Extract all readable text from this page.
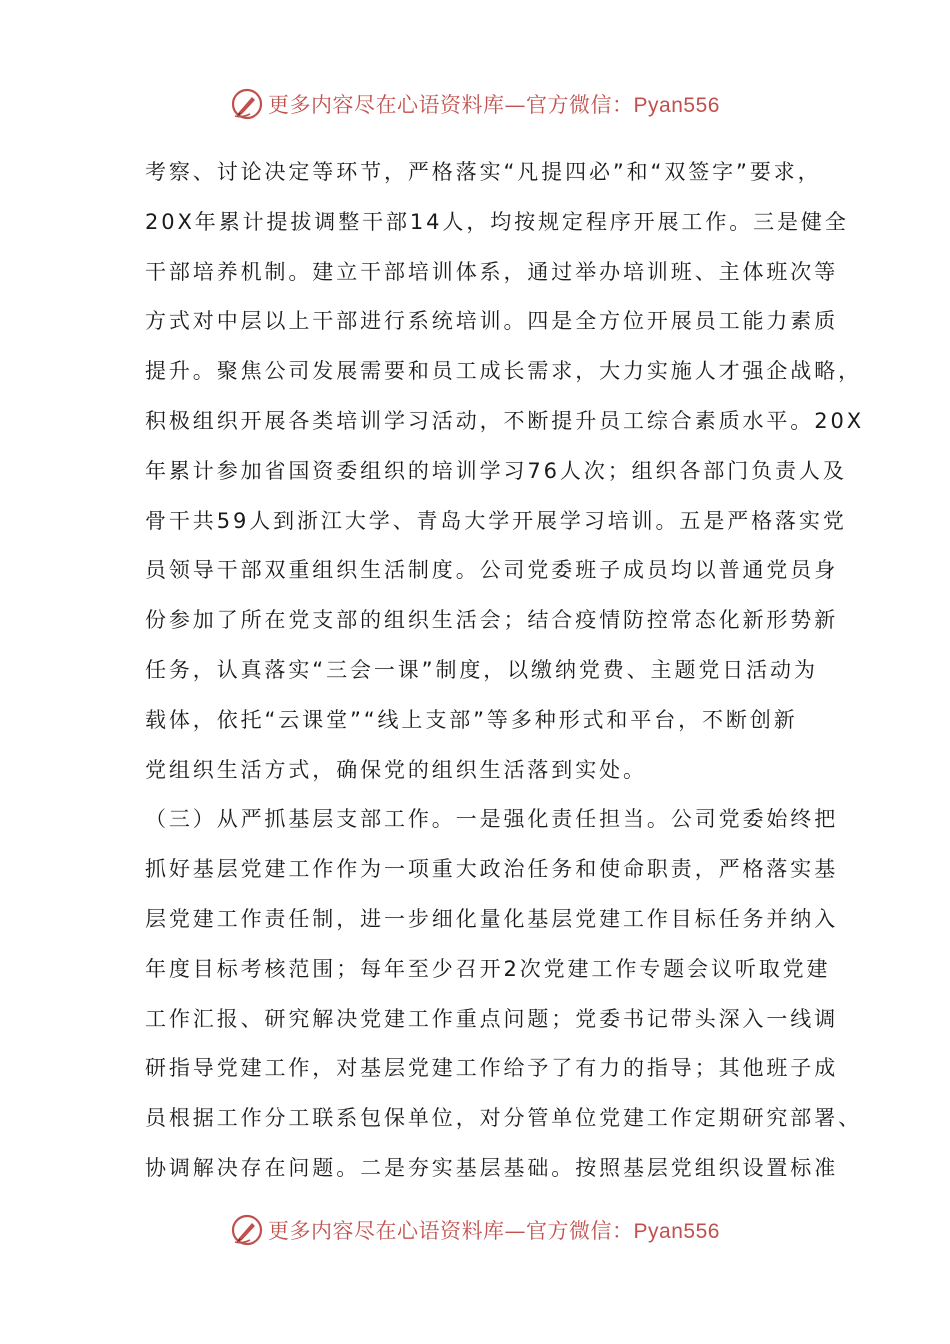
更多内容尽在心语资料库—官方微信：Pyan556
考察、讨论决定等环节，严格落实“凡提四必”和“双签字”要求，
20X年累计提拔调整干部14人，均按规定程序开展工作。三是健全
干部培养机制。建立干部培训体系，通过举办培训班、主体班次等
方式对中层以上干部进行系统培训。四是全方位开展员工能力素质
提升。聚焦公司发展需要和员工成长需求，大力实施人才强企战略，
积极组织开展各类培训学习活动，不断提升员工综合素质水平。20X
年累计参加省国资委组织的培训学习76人次；组织各部门负责人及
骨干共59人到浙江大学、青岛大学开展学习培训。五是严格落实党
员领导干部双重组织生活制度。公司党委班子成员均以普通党员身
份参加了所在党支部的组织生活会；结合疫情防控常态化新形势新
任务，认真落实“三会一课”制度，以缴纳党费、主题党日活动为
载体，依托“云课堂”“线上支部”等多种形式和平台，不断创新
党组织生活方式，确保党的组织生活落到实处。
（三）从严抓基层支部工作。一是强化责任担当。公司党委始终把
抓好基层党建工作作为一项重大政治任务和使命职责，严格落实基
层党建工作责任制，进一步细化量化基层党建工作目标任务并纳入
年度目标考核范围；每年至少召开2次党建工作专题会议听取党建
工作汇报、研究解决党建工作重点问题；党委书记带头深入一线调
研指导党建工作，对基层党建工作给予了有力的指导；其他班子成
员根据工作分工联系包保单位，对分管单位党建工作定期研究部署、
协调解决存在问题。二是夯实基层基础。按照基层党组织设置标准
更多内容尽在心语资料库—官方微信：Pyan556
